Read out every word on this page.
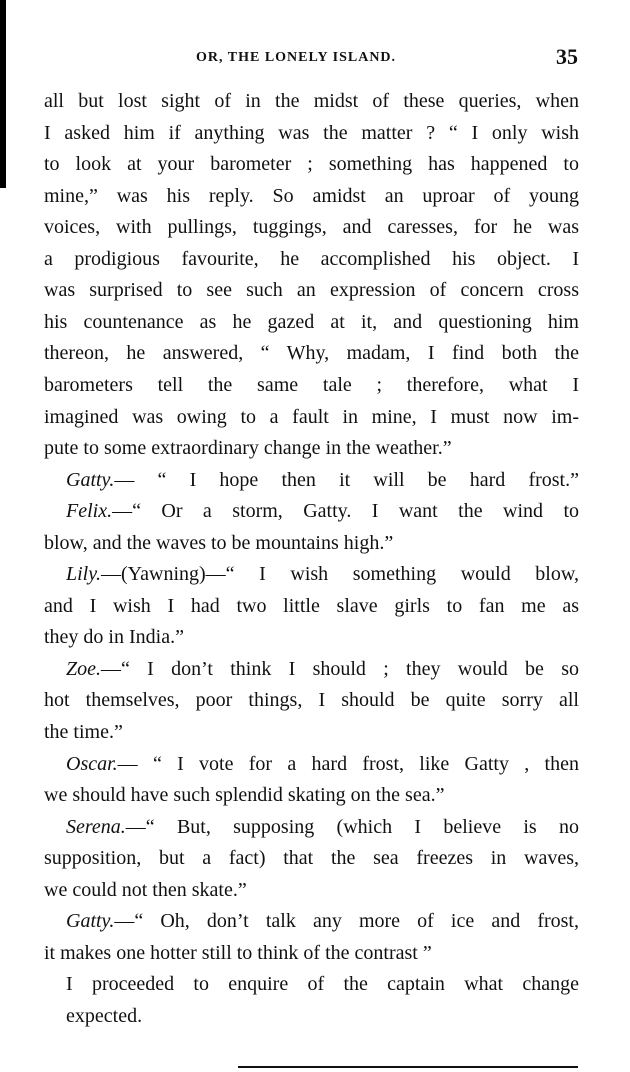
OR, THE LONELY ISLAND.	35
all but lost sight of in the midst of these queries, when
I asked him if anything was the matter ? “ I only wish
to look at your barometer ; something has happened to
mine,” was his reply. So amidst an uproar of young
voices, with pullings, tuggings, and caresses, for he was
a prodigious favourite, he accomplished his object. I
was surprised to see such an expression of concern cross
his countenance as he gazed at it, and questioning him
thereon, he answered, “ Why, madam, I find both the
barometers tell the same tale ; therefore, what I
imagined was owing to a fault in mine, I must now im-
pute to some extraordinary change in the weather.”
Gatty.— “ I hope then it will be hard frost.”
Felix.—“ Or a storm, Gatty. I want the wind to
blow, and the waves to be mountains high.”
Lily.—(Yawning)—“ I wish something would blow,
and I wish I had two little slave girls to fan me as
they do in India.”
Zoe.—“ I don’t think I should ; they would be so
hot themselves, poor things, I should be quite sorry all
the time.”
Oscar.— “ I vote for a hard frost, like Gatty , then
we should have such splendid skating on the sea.”
Serena.—“ But, supposing (which I believe is no
supposition, but a fact) that the sea freezes in waves,
we could not then skate.”
Gatty.—“ Oh, don’t talk any more of ice and frost,
it makes one hotter still to think of the contrast ”
I proceeded to enquire of the captain what change
expected.
